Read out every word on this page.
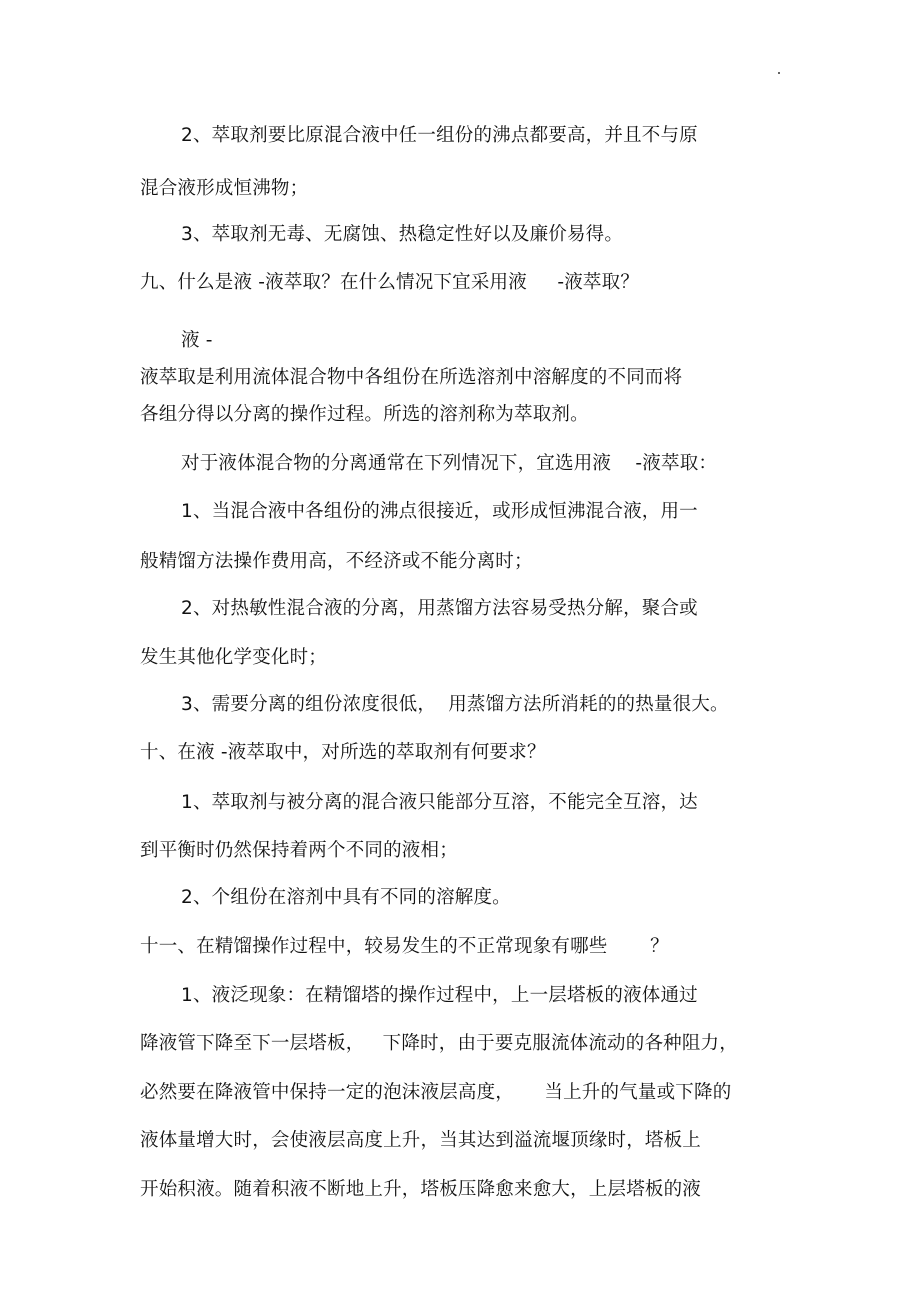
2、萃取剂要比原混合液中任一组份的沸点都要高，并且不与原
混合液形成恒沸物；
3、萃取剂无毒、无腐蚀、热稳定性好以及廉价易得。
九、什么是液 -液萃取？在什么情况下宜采用液     -液萃取？
液 -
液萃取是利用流体混合物中各组份在所选溶剂中溶解度的不同而将
各组分得以分离的操作过程。所选的溶剂称为萃取剂。
对于液体混合物的分离通常在下列情况下，宜选用液    -液萃取：
1、当混合液中各组份的沸点很接近，或形成恒沸混合液，用一
般精馏方法操作费用高，不经济或不能分离时；
2、对热敏性混合液的分离，用蒸馏方法容易受热分解，聚合或
发生其他化学变化时；
3、需要分离的组份浓度很低，  用蒸馏方法所消耗的的热量很大。
十、在液 -液萃取中，对所选的萃取剂有何要求？
1、萃取剂与被分离的混合液只能部分互溶，不能完全互溶，达
到平衡时仍然保持着两个不同的液相；
2、个组份在溶剂中具有不同的溶解度。
十一、在精馏操作过程中，较易发生的不正常现象有哪些       ？
1、液泛现象：在精馏塔的操作过程中，上一层塔板的液体通过
降液管下降至下一层塔板，   下降时，由于要克服流体流动的各种阻力，
必然要在降液管中保持一定的泡沫液层高度，     当上升的气量或下降的
液体量增大时，会使液层高度上升，当其达到溢流堰顶缘时，塔板上
开始积液。随着积液不断地上升，塔板压降愈来愈大，上层塔板的液
